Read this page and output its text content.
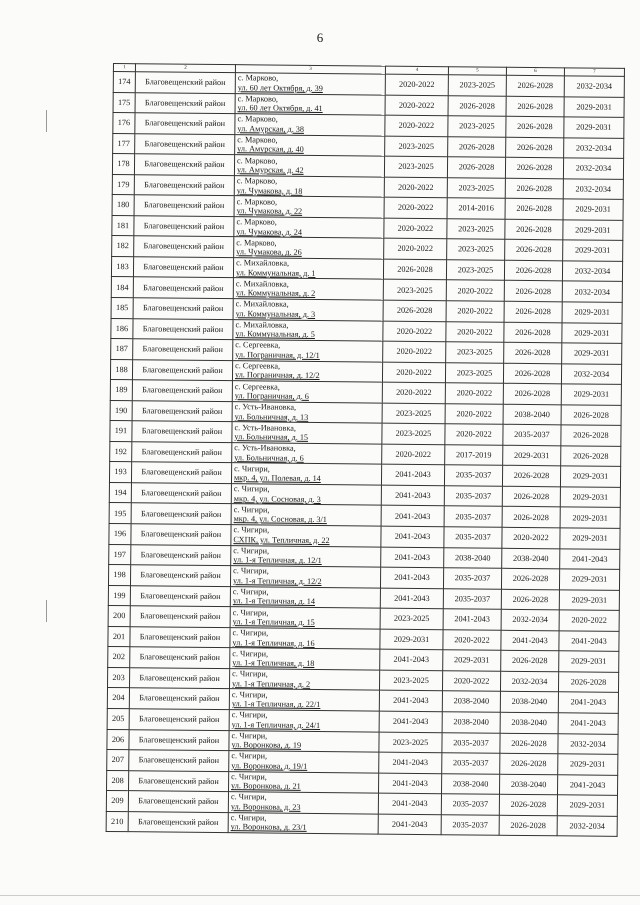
6
1	2	3	4	5	6	7
174	Благовещенский район	с. Марково,
ул. 60 лет Октября, д. 39	2020-2022	2023-2025	2026-2028	2032-2034
175	Благовещенский район	с. Марково,
ул. 60 лет Октября, д. 41	2020-2022	2026-2028	2026-2028	2029-2031
176	Благовещенский район	с. Марково,
ул. Амурская, д. 38	2020-2022	2023-2025	2026-2028	2029-2031
177	Благовещенский район	с. Марково,
ул. Амурская, д. 40	2023-2025	2026-2028	2026-2028	2032-2034
178	Благовещенский район	с. Марково,
ул. Амурская, д. 42	2023-2025	2026-2028	2026-2028	2032-2034
179	Благовещенский район	с. Марково,
ул. Чумакова, д. 18	2020-2022	2023-2025	2026-2028	2032-2034
180	Благовещенский район	с. Марково,
ул. Чумакова, д. 22	2020-2022	2014-2016	2026-2028	2029-2031
181	Благовещенский район	с. Марково,
ул. Чумакова, д. 24	2020-2022	2023-2025	2026-2028	2029-2031
182	Благовещенский район	с. Марково,
ул. Чумакова, д. 26	2020-2022	2023-2025	2026-2028	2029-2031
183	Благовещенский район	с. Михайловка,
ул. Коммунальная, д. 1	2026-2028	2023-2025	2026-2028	2032-2034
184	Благовещенский район	с. Михайловка,
ул. Коммунальная, д. 2	2023-2025	2020-2022	2026-2028	2032-2034
185	Благовещенский район	с. Михайловка,
ул. Коммунальная, д. 3	2026-2028	2020-2022	2026-2028	2029-2031
186	Благовещенский район	с. Михайловка,
ул. Коммунальная, д. 5	2020-2022	2020-2022	2026-2028	2029-2031
187	Благовещенский район	с. Сергеевка,
ул. Пограничная, д. 12/1	2020-2022	2023-2025	2026-2028	2029-2031
188	Благовещенский район	с. Сергеевка,
ул. Пограничная, д. 12/2	2020-2022	2023-2025	2026-2028	2032-2034
189	Благовещенский район	с. Сергеевка,
ул. Пограничная, д. 6	2020-2022	2020-2022	2026-2028	2029-2031
190	Благовещенский район	с. Усть-Ивановка,
ул. Больничная, д. 13	2023-2025	2020-2022	2038-2040	2026-2028
191	Благовещенский район	с. Усть-Ивановка,
ул. Больничная, д. 15	2023-2025	2020-2022	2035-2037	2026-2028
192	Благовещенский район	с. Усть-Ивановка,
ул. Больничная, д. 6	2020-2022	2017-2019	2029-2031	2026-2028
193	Благовещенский район	с. Чигири,
мкр. 4, ул. Полевая, д. 14	2041-2043	2035-2037	2026-2028	2029-2031
194	Благовещенский район	с. Чигири,
мкр. 4, ул. Сосновая, д. 3	2041-2043	2035-2037	2026-2028	2029-2031
195	Благовещенский район	с. Чигири,
мкр. 4, ул. Сосновая, д. 3/1	2041-2043	2035-2037	2026-2028	2029-2031
196	Благовещенский район	с. Чигири,
СХПК, ул. Тепличная, д. 22	2041-2043	2035-2037	2020-2022	2029-2031
197	Благовещенский район	с. Чигири,
ул. 1-я Тепличная, д. 12/1	2041-2043	2038-2040	2038-2040	2041-2043
198	Благовещенский район	с. Чигири,
ул. 1-я Тепличная, д. 12/2	2041-2043	2035-2037	2026-2028	2029-2031
199	Благовещенский район	с. Чигири,
ул. 1-я Тепличная, д. 14	2041-2043	2035-2037	2026-2028	2029-2031
200	Благовещенский район	с. Чигири,
ул. 1-я Тепличная, д. 15	2023-2025	2041-2043	2032-2034	2020-2022
201	Благовещенский район	с. Чигири,
ул. 1-я Тепличная, д. 16	2029-2031	2020-2022	2041-2043	2041-2043
202	Благовещенский район	с. Чигири,
ул. 1-я Тепличная, д. 18	2041-2043	2029-2031	2026-2028	2029-2031
203	Благовещенский район	с. Чигири,
ул. 1-я Тепличная, д. 2	2023-2025	2020-2022	2032-2034	2026-2028
204	Благовещенский район	с. Чигири,
ул. 1-я Тепличная, д. 22/1	2041-2043	2038-2040	2038-2040	2041-2043
205	Благовещенский район	с. Чигири,
ул. 1-я Тепличная, д. 24/1	2041-2043	2038-2040	2038-2040	2041-2043
206	Благовещенский район	с. Чигири,
ул. Воронкова, д. 19	2023-2025	2035-2037	2026-2028	2032-2034
207	Благовещенский район	с. Чигири,
ул. Воронкова, д. 19/1	2041-2043	2035-2037	2026-2028	2029-2031
208	Благовещенский район	с. Чигири,
ул. Воронкова, д. 21	2041-2043	2038-2040	2038-2040	2041-2043
209	Благовещенский район	с. Чигири,
ул. Воронкова, д. 23	2041-2043	2035-2037	2026-2028	2029-2031
210	Благовещенский район	с. Чигири,
ул. Воронкова, д. 23/1	2041-2043	2035-2037	2026-2028	2032-2034
